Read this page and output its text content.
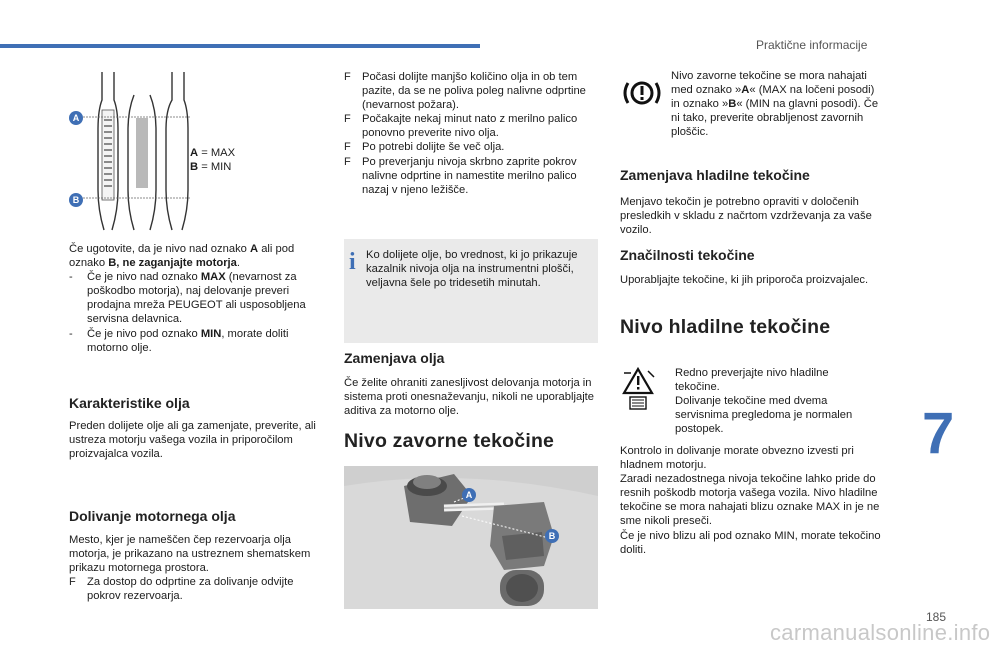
Praktične informacije
A
B
A = MAX
B = MIN
Če ugotovite, da je nivo nad oznako A ali pod oznako B, ne zaganjajte motorja.
- Če je nivo nad oznako MAX (nevarnost za poškodbo motorja), naj delovanje preveri prodajna mreža PEUGEOT ali usposobljena servisna delavnica.
- Če je nivo pod oznako MIN, morate doliti motorno olje.
Karakteristike olja
Preden dolijete olje ali ga zamenjate, preverite, ali ustreza motorju vašega vozila in priporočilom proizvajalca vozila.
Dolivanje motornega olja
Mesto, kjer je nameščen čep rezervoarja olja motorja, je prikazano na ustreznem shematskem prikazu motornega prostora.
F Za dostop do odprtine za dolivanje odvijte pokrov rezervoarja.
F Počasi dolijte manjšo količino olja in ob tem pazite, da se ne poliva poleg nalivne odprtine (nevarnost požara).
F Počakajte nekaj minut nato z merilno palico ponovno preverite nivo olja.
F Po potrebi dolijte še več olja.
F Po preverjanju nivoja skrbno zaprite pokrov nalivne odprtine in namestite merilno palico nazaj v njeno ležišče.
i Ko dolijete olje, bo vrednost, ki jo prikazuje kazalnik nivoja olja na instrumentni plošči, veljavna šele po tridesetih minutah.
Zamenjava olja
Če želite ohraniti zanesljivost delovanja motorja in sistema proti onesnaževanju, nikoli ne uporabljajte aditiva za motorno olje.
Nivo zavorne tekočine
A
B
Nivo zavorne tekočine se mora nahajati med oznako »A« (MAX na ločeni posodi) in oznako »B« (MIN na glavni posodi). Če ni tako, preverite obrabljenost zavornih ploščic.
Zamenjava hladilne tekočine
Menjavo tekočin je potrebno opraviti v določenih presledkih v skladu z načrtom vzdrževanja za vaše vozilo.
Značilnosti tekočine
Uporabljajte tekočine, ki jih priporoča proizvajalec.
Nivo hladilne tekočine
Redno preverjajte nivo hladilne tekočine.
Dolivanje tekočine med dvema servisnima pregledoma je normalen postopek.
Kontrolo in dolivanje morate obvezno izvesti pri hladnem motorju.
Zaradi nezadostnega nivoja tekočine lahko pride do resnih poškodb motorja vašega vozila. Nivo hladilne tekočine se mora nahajati blizu oznake MAX in je ne sme nikoli preseči.
Če je nivo blizu ali pod oznako MIN, morate tekočino doliti.
7
185
carmanualsonline.info
